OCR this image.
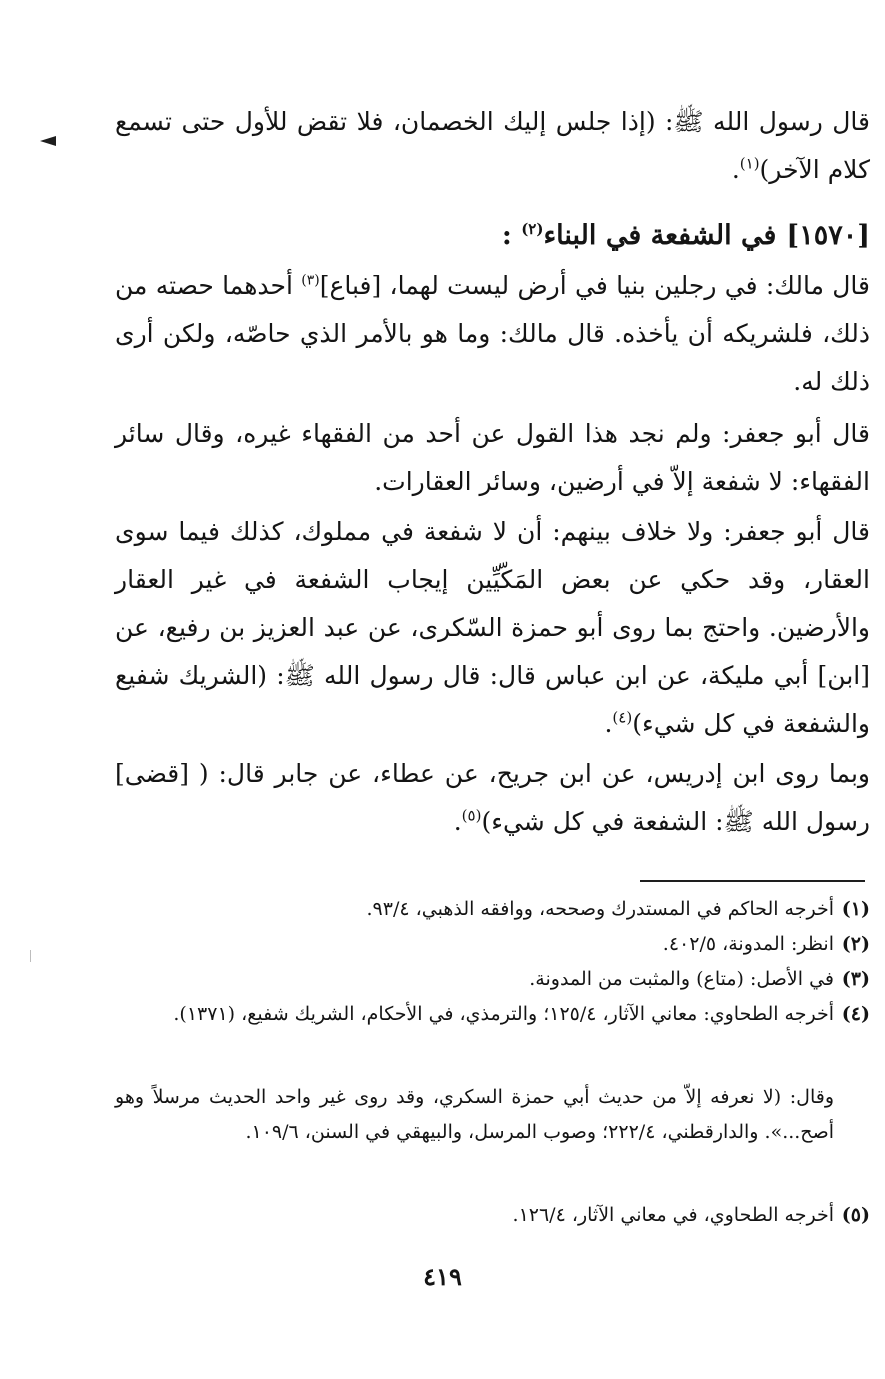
قال رسول الله ﷺ: (إذا جلس إليك الخصمان، فلا تقض للأول حتى تسمع كلام الآخر)$^{(١)}$.
[١٥٧٠]في الشفعة في البناء$^{(٢)}$ :
قال مالك: في رجلين بنيا في أرض ليست لهما، [فباع]$^{(٣)}$ أحدهما حصته من ذلك، فلشريكه أن يأخذه. قال مالك: وما هو بالأمر الذي حاصّه، ولكن أرى ذلك له.
قال أبو جعفر: ولم نجد هذا القول عن أحد من الفقهاء غيره، وقال سائر الفقهاء: لا شفعة إلاّ في أرضين، وسائر العقارات.
قال أبو جعفر: ولا خلاف بينهم: أن لا شفعة في مملوك، كذلك فيما سوى العقار، وقد حكي عن بعض المَكّيِّين إيجاب الشفعة في غير العقار والأرضين. واحتج بما روى أبو حمزة السّكرى، عن عبد العزيز بن رفيع، عن [ابن] أبي مليكة، عن ابن عباس قال: قال رسول الله ﷺ: (الشريك شفيع والشفعة في كل شيء)$^{(٤)}$.
وبما روى ابن إدريس، عن ابن جريح، عن عطاء، عن جابر قال: ( [قضى] رسول الله ﷺ: الشفعة في كل شيء)$^{(٥)}$.
(١)
أخرجه الحاكم في المستدرك وصححه، ووافقه الذهبي، ٩٣/٤.
(٢)
انظر: المدونة، ٤٠٢/٥.
(٣)
في الأصل: (متاع) والمثبت من المدونة.
(٤)
أخرجه الطحاوي: معاني الآثار، ١٢٥/٤؛ والترمذي، في الأحكام، الشريك شفيع، (١٣٧١).
وقال: (لا نعرفه إلاّ من حديث أبي حمزة السكري، وقد روى غير واحد الحديث مرسلاً وهو أصح...». والدارقطني، ٢٢٢/٤؛ وصوب المرسل، والبيهقي في السنن، ١٠٩/٦.
(٥)
أخرجه الطحاوي، في معاني الآثار، ١٢٦/٤.
٤١٩
